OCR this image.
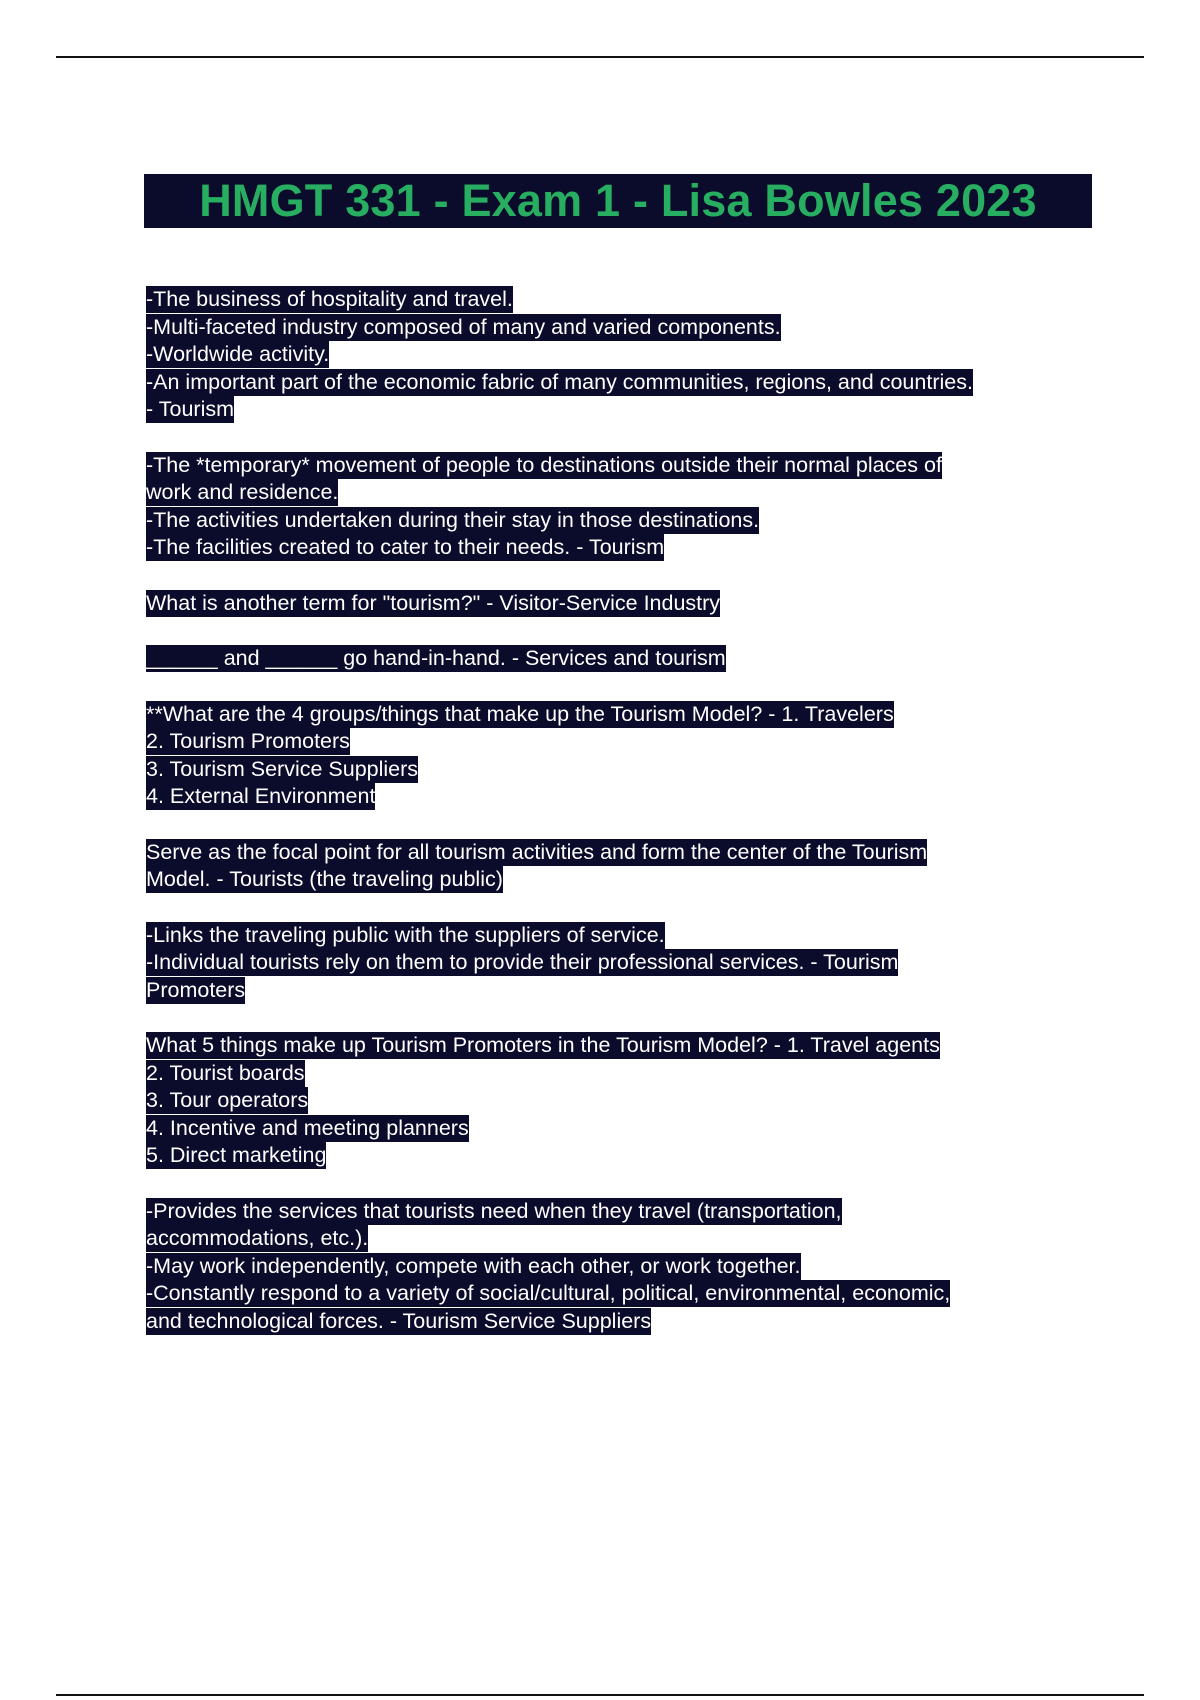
HMGT 331 - Exam 1 - Lisa Bowles 2023
-The business of hospitality and travel.
-Multi-faceted industry composed of many and varied components.
-Worldwide activity.
-An important part of the economic fabric of many communities, regions, and countries.
- Tourism
-The *temporary* movement of people to destinations outside their normal places of
work and residence.
-The activities undertaken during their stay in those destinations.
-The facilities created to cater to their needs. - Tourism
What is another term for "tourism?" - Visitor-Service Industry
______ and ______ go hand-in-hand. - Services and tourism
**What are the 4 groups/things that make up the Tourism Model? - 1. Travelers
2. Tourism Promoters
3. Tourism Service Suppliers
4. External Environment
Serve as the focal point for all tourism activities and form the center of the Tourism
Model. - Tourists (the traveling public)
-Links the traveling public with the suppliers of service.
-Individual tourists rely on them to provide their professional services. - Tourism
Promoters
What 5 things make up Tourism Promoters in the Tourism Model? - 1. Travel agents
2. Tourist boards
3. Tour operators
4. Incentive and meeting planners
5. Direct marketing
-Provides the services that tourists need when they travel (transportation,
accommodations, etc.).
-May work independently, compete with each other, or work together.
-Constantly respond to a variety of social/cultural, political, environmental, economic,
and technological forces. - Tourism Service Suppliers
